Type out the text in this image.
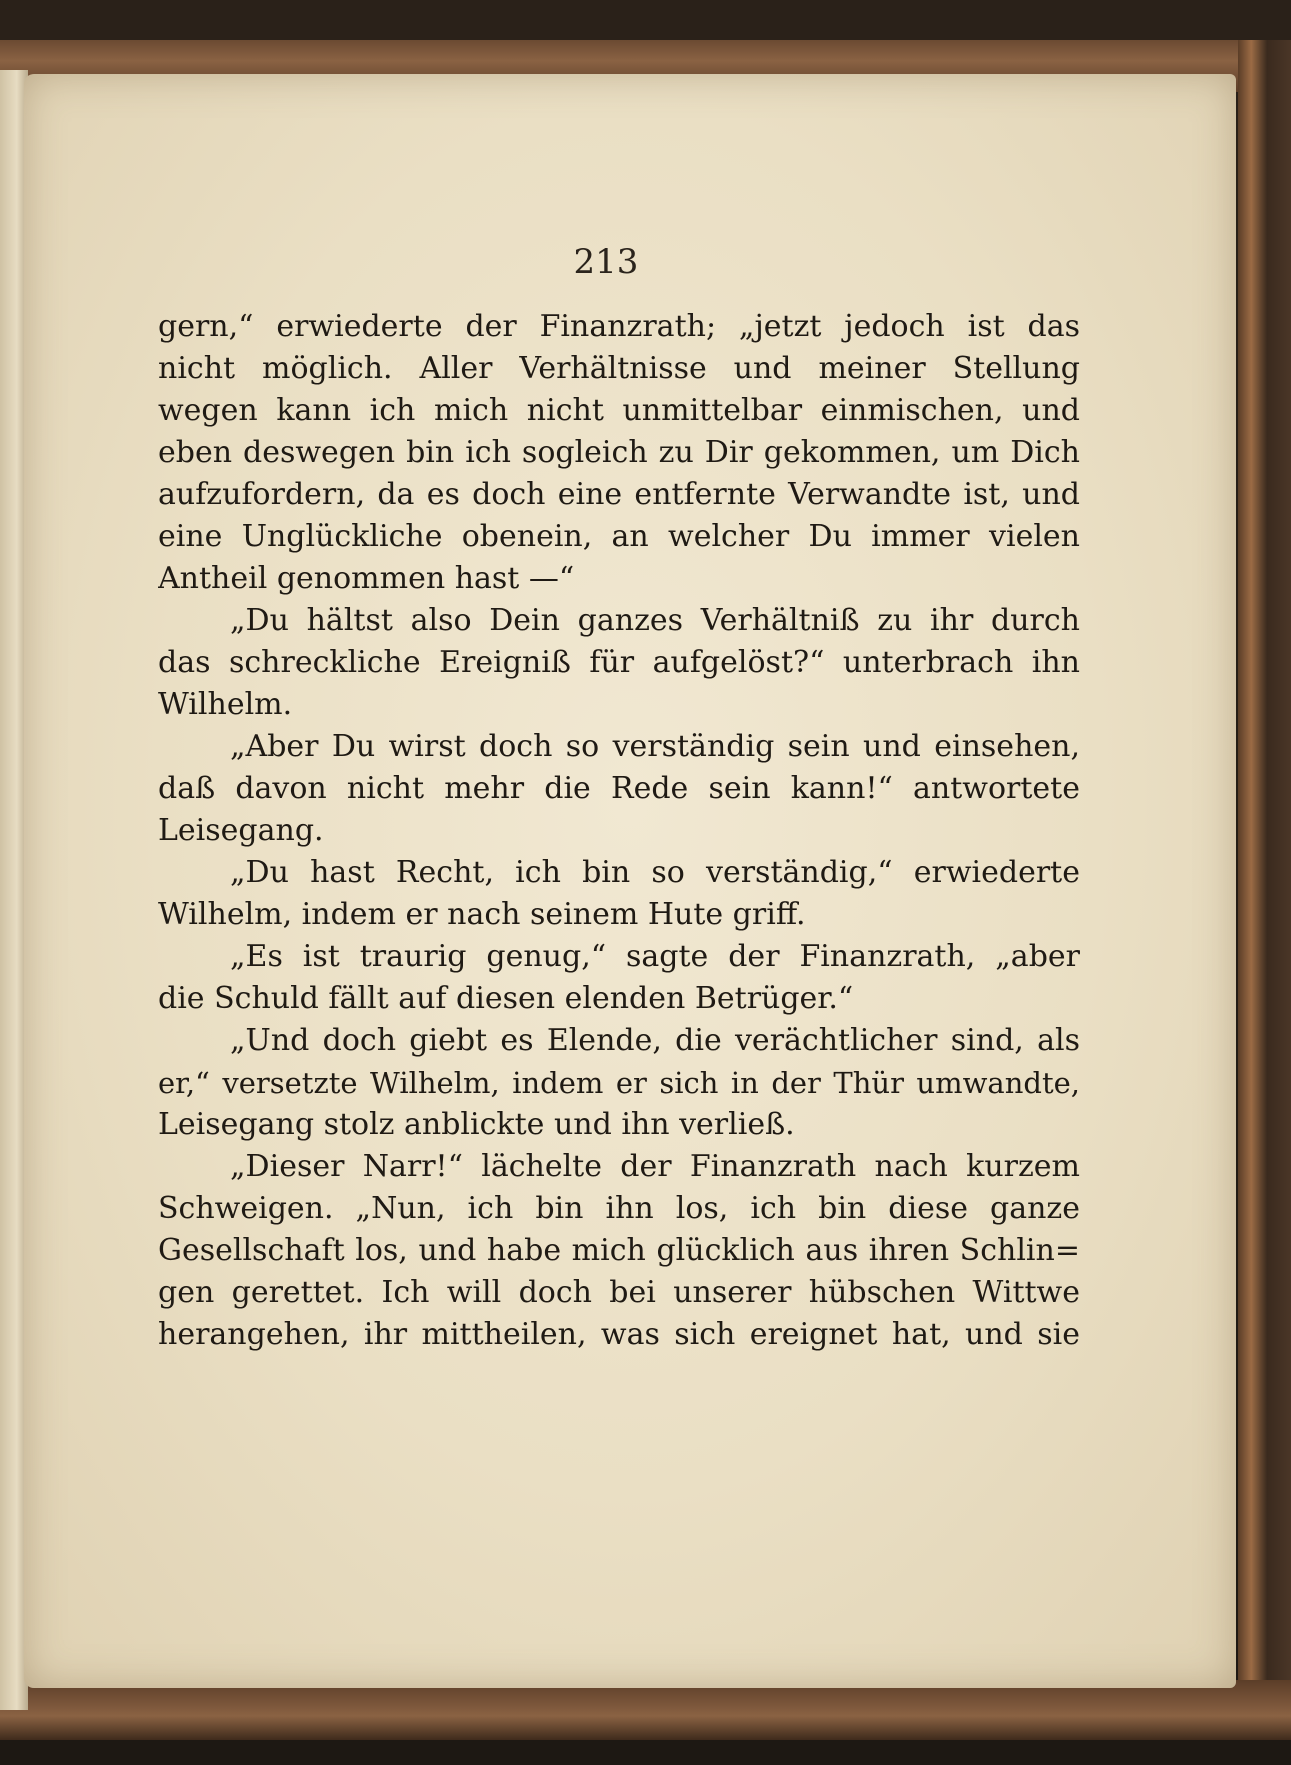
213
gern,“ erwiederte der Finanzrath; „jetzt jedoch ist das
nicht möglich. Aller Verhältnisse und meiner Stellung
wegen kann ich mich nicht unmittelbar einmischen, und
eben deswegen bin ich sogleich zu Dir gekommen, um Dich
aufzufordern, da es doch eine entfernte Verwandte ist, und
eine Unglückliche obenein, an welcher Du immer vielen
Antheil genommen hast —“
„Du hältst also Dein ganzes Verhältniß zu ihr durch
das schreckliche Ereigniß für aufgelöst?“ unterbrach ihn
Wilhelm.
„Aber Du wirst doch so verständig sein und einsehen,
daß davon nicht mehr die Rede sein kann!“ antwortete
Leisegang.
„Du hast Recht, ich bin so verständig,“ erwiederte
Wilhelm, indem er nach seinem Hute griff.
„Es ist traurig genug,“ sagte der Finanzrath, „aber
die Schuld fällt auf diesen elenden Betrüger.“
„Und doch giebt es Elende, die verächtlicher sind, als
er,“ versetzte Wilhelm, indem er sich in der Thür umwandte,
Leisegang stolz anblickte und ihn verließ.
„Dieser Narr!“ lächelte der Finanzrath nach kurzem
Schweigen. „Nun, ich bin ihn los, ich bin diese ganze
Gesellschaft los, und habe mich glücklich aus ihren Schlin=
gen gerettet. Ich will doch bei unserer hübschen Wittwe
herangehen, ihr mittheilen, was sich ereignet hat, und sie
